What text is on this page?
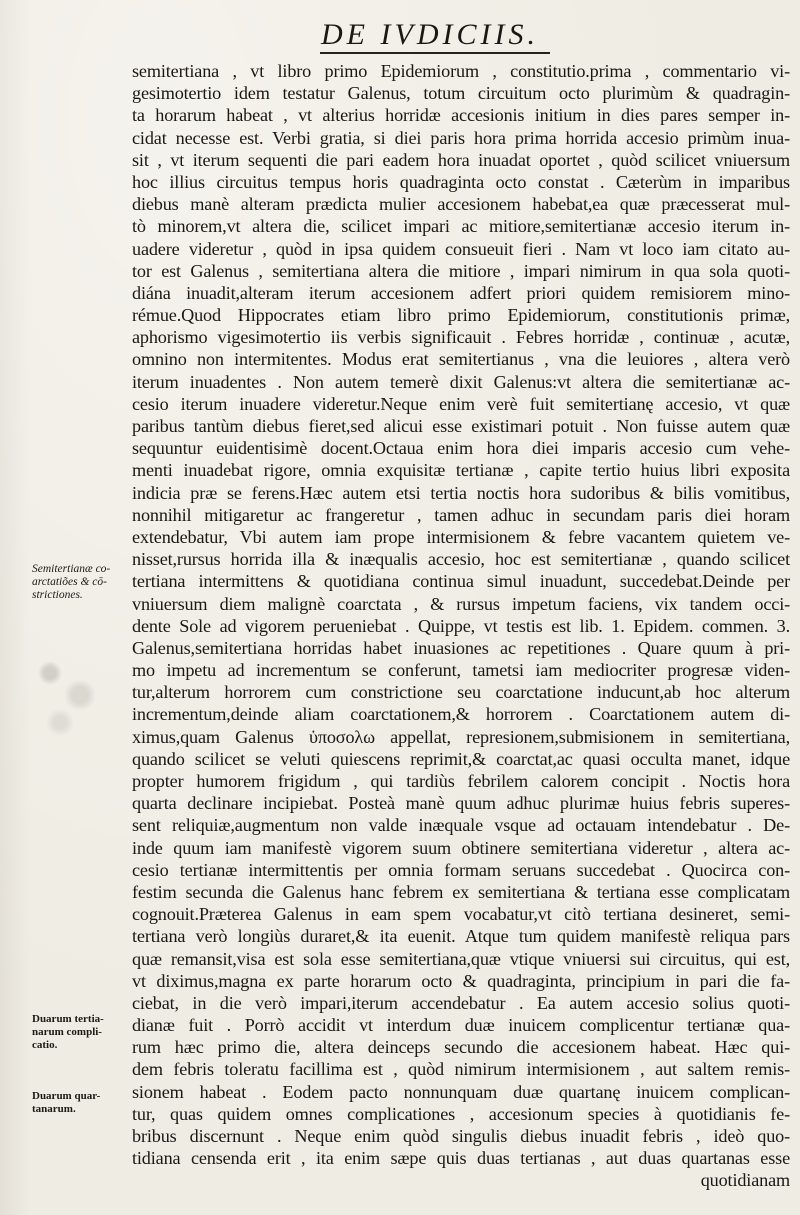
DE IVDICIIS.
semitertiana , vt libro primo Epidemiorum , constitutio.prima , commentario vi-
gesimotertio idem testatur Galenus, totum circuitum octo plurimùm & quadragin-
ta horarum habeat , vt alterius horridæ accesionis initium in dies pares semper in-
cidat necesse est. Verbi gratia, si diei paris hora prima horrida accesio primùm inua-
sit , vt iterum sequenti die pari eadem hora inuadat oportet , quòd scilicet vniuersum
hoc illius circuitus tempus horis quadraginta octo constat . Cæterùm in imparibus
diebus manè alteram prædicta mulier accesionem habebat,ea quæ præcesserat mul-
tò minorem,vt altera die, scilicet impari ac mitiore,semitertianæ accesio iterum in-
uadere videretur , quòd in ipsa quidem consueuit fieri . Nam vt loco iam citato au-
tor est Galenus , semitertiana altera die mitiore , impari nimirum in qua sola quoti-
diána inuadit,alteram iterum accesionem adfert priori quidem remisiorem mino-
rémue.Quod Hippocrates etiam libro primo Epidemiorum, constitutionis primæ,
aphorismo vigesimotertio iis verbis significauit . Febres horridæ , continuæ , acutæ,
omnino non intermitentes. Modus erat semitertianus , vna die leuiores , altera verò
iterum inuadentes . Non autem temerè dixit Galenus:vt altera die semitertianæ ac-
cesio iterum inuadere videretur.Neque enim verè fuit semitertianę accesio, vt quæ
paribus tantùm diebus fieret,sed alicui esse existimari potuit . Non fuisse autem quæ
sequuntur euidentisimè docent.Octaua enim hora diei imparis accesio cum vehe-
menti inuadebat rigore, omnia exquisitæ tertianæ , capite tertio huius libri exposita
indicia præ se ferens.Hæc autem etsi tertia noctis hora sudoribus & bilis vomitibus,
nonnihil mitigaretur ac frangeretur , tamen adhuc in secundam paris diei horam
extendebatur, Vbi autem iam prope intermisionem & febre vacantem quietem ve-
nisset,rursus horrida illa & inæqualis accesio, hoc est semitertianæ , quando scilicet
tertiana intermittens & quotidiana continua simul inuadunt, succedebat.Deinde per
vniuersum diem malignè coarctata , & rursus impetum faciens, vix tandem occi-
dente Sole ad vigorem perueniebat . Quippe, vt testis est lib. 1. Epidem. commen. 3.
Galenus,semitertiana horridas habet inuasiones ac repetitiones . Quare quum à pri-
mo impetu ad incrementum se conferunt, tametsi iam mediocriter progresæ viden-
tur,alterum horrorem cum constrictione seu coarctatione inducunt,ab hoc alterum
incrementum,deinde aliam coarctationem,& horrorem . Coarctationem autem di-
ximus,quam Galenus ὑποσολω appellat, represionem,submisionem in semitertiana,
quando scilicet se veluti quiescens reprimit,& coarctat,ac quasi occulta manet, idque
propter humorem frigidum , qui tardiùs febrilem calorem concipit . Noctis hora
quarta declinare incipiebat. Posteà manè quum adhuc plurimæ huius febris superes-
sent reliquiæ,augmentum non valde inæquale vsque ad octauam intendebatur . De-
inde quum iam manifestè vigorem suum obtinere semitertiana videretur , altera ac-
cesio tertianæ intermittentis per omnia formam seruans succedebat . Quocirca con-
festim secunda die Galenus hanc febrem ex semitertiana & tertiana esse complicatam
cognouit.Præterea Galenus in eam spem vocabatur,vt citò tertiana desineret, semi-
tertiana verò longiùs duraret,& ita euenit. Atque tum quidem manifestè reliqua pars
quæ remansit,visa est sola esse semitertiana,quæ vtique vniuersi sui circuitus, qui est,
vt diximus,magna ex parte horarum octo & quadraginta, principium in pari die fa-
ciebat, in die verò impari,iterum accendebatur . Ea autem accesio solius quoti-
dianæ fuit . Porrò accidit vt interdum duæ inuicem complicentur tertianæ qua-
rum hæc primo die, altera deinceps secundo die accesionem habeat. Hæc qui-
dem febris toleratu facillima est , quòd nimirum intermisionem , aut saltem remis-
sionem habeat . Eodem pacto nonnunquam duæ quartanę inuicem complican-
tur, quas quidem omnes complicationes , accesionum species à quotidianis fe-
bribus discernunt . Neque enim quòd singulis diebus inuadit febris , ideò quo-
tidiana censenda erit , ita enim sæpe quis duas tertianas , aut duas quartanas esse
quotidianam
Semitertianæ co-
arctatiões & cō-
strictiones.
Duarum tertia-
narum compli-
catio.
Duarum quar-
tanarum.
